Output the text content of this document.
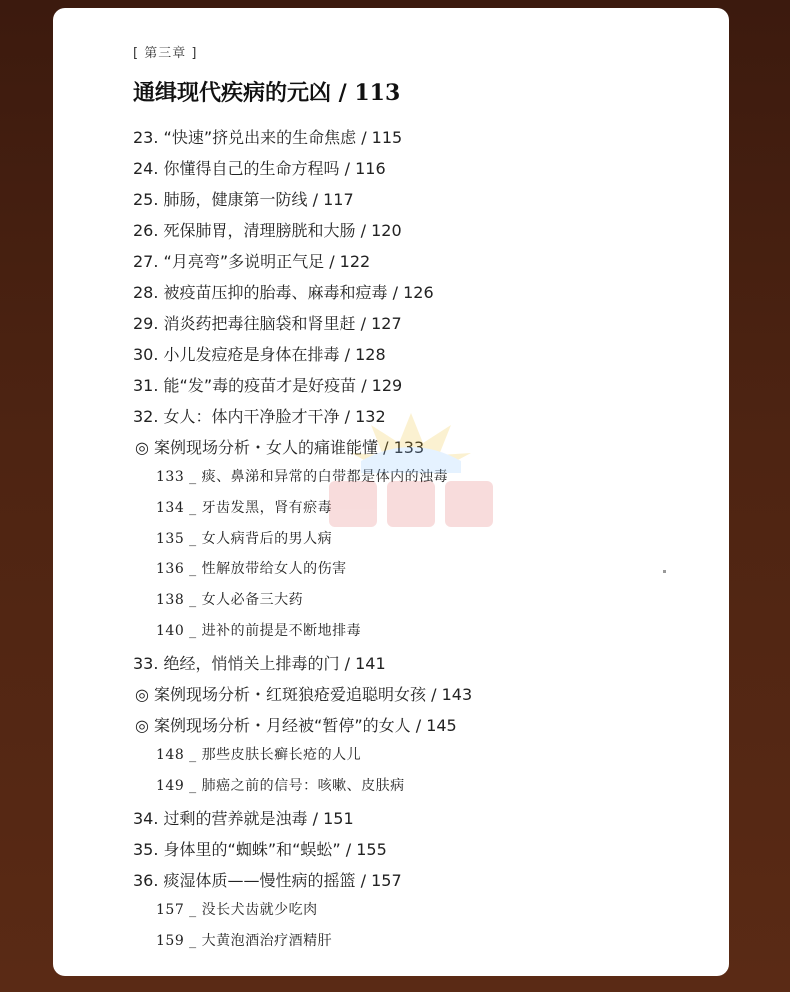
[ 第三章 ]
通缉现代疾病的元凶 / 113
23. “快速”挤兑出来的生命焦虑 / 115
24. 你懂得自己的生命方程吗 / 116
25. 肺肠，健康第一防线 / 117
26. 死保肺胃，清理膀胱和大肠 / 120
27. “月亮弯”多说明正气足 / 122
28. 被疫苗压抑的胎毒、麻毒和痘毒 / 126
29. 消炎药把毒往脑袋和肾里赶 / 127
30. 小儿发痘疮是身体在排毒 / 128
31. 能“发”毒的疫苗才是好疫苗 / 129
32. 女人：体内干净脸才干净 / 132
◎ 案例现场分析・女人的痛谁能懂 / 133
133 _ 痰、鼻涕和异常的白带都是体内的浊毒
134 _ 牙齿发黑，肾有瘀毒
135 _ 女人病背后的男人病
136 _ 性解放带给女人的伤害
138 _ 女人必备三大药
140 _ 进补的前提是不断地排毒
33. 绝经，悄悄关上排毒的门 / 141
◎ 案例现场分析・红斑狼疮爱追聪明女孩 / 143
◎ 案例现场分析・月经被“暂停”的女人 / 145
148 _ 那些皮肤长癣长疮的人儿
149 _ 肺癌之前的信号：咳嗽、皮肤病
34. 过剩的营养就是浊毒 / 151
35. 身体里的“蜘蛛”和“蜈蚣” / 155
36. 痰湿体质——慢性病的摇篮 / 157
157 _ 没长犬齿就少吃肉
159 _ 大黄泡酒治疗酒精肝
